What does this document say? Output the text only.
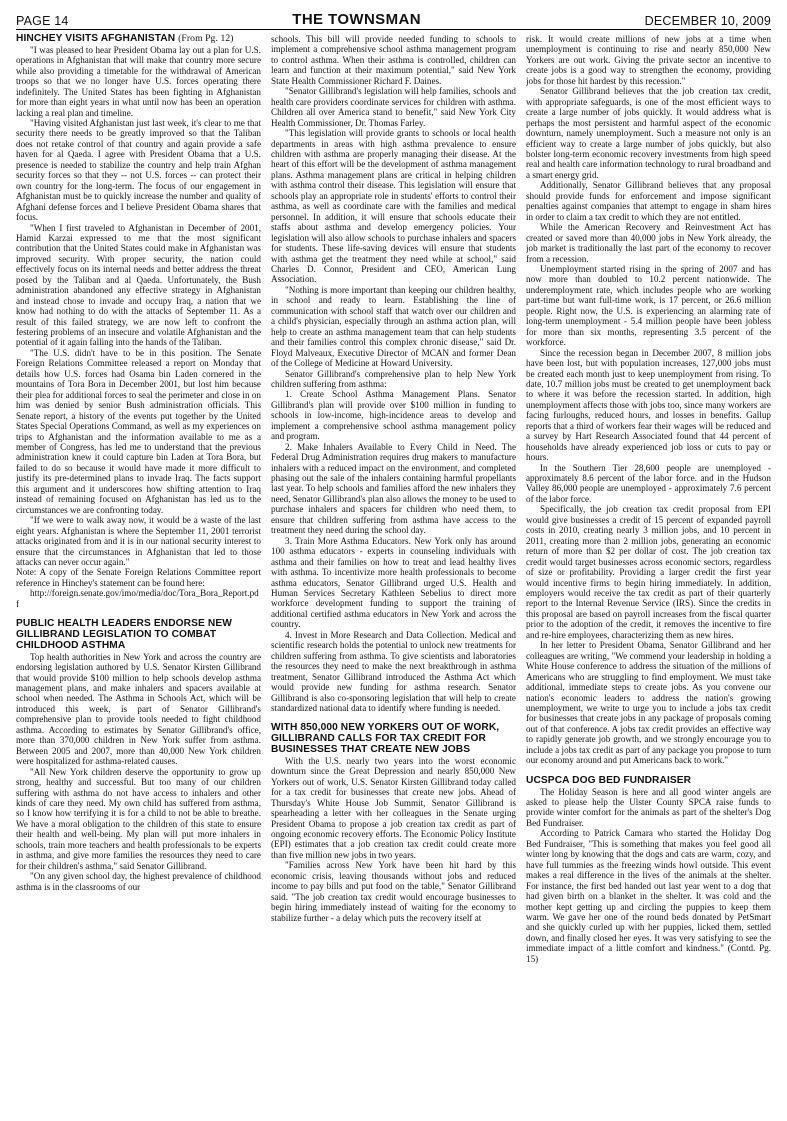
PAGE 14	THE TOWNSMAN	DECEMBER 10, 2009
HINCHEY VISITS AFGHANISTAN (From Pg. 12)

"I was pleased to hear President Obama lay out a plan for U.S. operations in Afghanistan that will make that country more secure while also providing a timetable for the withdrawal of American troops so that we no longer have U.S. forces operating there indefinitely. The United States has been fighting in Afghanistan for more than eight years in what until now has been an operation lacking a real plan and timeline.

"Having visited Afghanistan just last week, it's clear to me that security there needs to be greatly improved so that the Taliban does not retake control of that country and again provide a safe haven for al Qaeda. I agree with President Obama that a U.S. presence is needed to stabilize the country and help train Afghan security forces so that they -- not U.S. forces -- can protect their own country for the long-term. The focus of our engagement in Afghanistan must be to quickly increase the number and quality of Afghani defense forces and I believe President Obama shares that focus.

"When I first traveled to Afghanistan in December of 2001, Hamid Karzai expressed to me that the most significant contribution that the United States could make in Afghanistan was improved security. With proper security, the nation could effectively focus on its internal needs and better address the threat posed by the Taliban and al Qaeda. Unfortunately, the Bush administration abandoned any effective strategy in Afghanistan and instead chose to invade and occupy Iraq, a nation that we know had nothing to do with the attacks of September 11. As a result of this failed strategy, we are now left to confront the festering problems of an insecure and volatile Afghanistan and the potential of it again falling into the hands of the Taliban.

"The U.S. didn't have to be in this position. The Senate Foreign Relations Committee released a report on Monday that details how U.S. forces had Osama bin Laden cornered in the mountains of Tora Bora in December 2001, but lost him because their plea for additional forces to seal the perimeter and close in on him was denied by senior Bush administration officials. This Senate report, a history of the events put together by the United States Special Operations Command, as well as my experiences on trips to Afghanistan and the information available to me as a member of Congress, has led me to understand that the previous administration knew it could capture bin Laden at Tora Bora, but failed to do so because it would have made it more difficult to justify its pre-determined plans to invade Iraq. The facts support this argument and it underscores how shifting attention to Iraq instead of remaining focused on Afghanistan has led us to the circumstances we are confronting today.

"If we were to walk away now, it would be a waste of the last eight years. Afghanistan is where the September 11, 2001 terrorist attacks originated from and it is in our national security interest to ensure that the circumstances in Afghanistan that led to those attacks can never occur again."

Note: A copy of the Senate Foreign Relations Committee report reference in Hinchey's statement can be found here:

http://foreign.senate.gov/imo/media/doc/Tora_Bora_Report.pdf

PUBLIC HEALTH LEADERS ENDORSE NEW GILLIBRAND LEGISLATION TO COMBAT CHILDHOOD ASTHMA

Top health authorities in New York and across the country are endorsing legislation authored by U.S. Senator Kirsten Gillibrand that would provide $100 million to help schools develop asthma management plans, and make inhalers and spacers available at school when needed. The Asthma in Schools Act, which will be introduced this week, is part of Senator Gillibrand's comprehensive plan to provide tools needed to fight childhood asthma. According to estimates by Senator Gillibrand's office, more than 370,000 children in New York suffer from asthma. Between 2005 and 2007, more than 40,000 New York children were hospitalized for asthma-related causes.

"All New York children deserve the opportunity to grow up strong, healthy and successful. But too many of our children suffering with asthma do not have access to inhalers and other kinds of care they need. My own child has suffered from asthma, so I know how terrifying it is for a child to not be able to breathe. We have a moral obligation to the children of this state to ensure their health and well-being. My plan will put more inhalers in schools, train more teachers and health professionals to be experts in asthma, and give more families the resources they need to care for their children's asthma," said Senator Gillibrand.

"On any given school day, the highest prevalence of childhood asthma is in the classrooms of our

schools. This bill will provide needed funding to schools to implement a comprehensive school asthma management program to control asthma. When their asthma is controlled, children can learn and function at their maximum potential," said New York State Health Commissioner Richard F. Daines.

"Senator Gillibrand's legislation will help families, schools and health care providers coordinate services for children with asthma. Children all over America stand to benefit," said New York City Health Commissioner, Dr. Thomas Farley.

"This legislation will provide grants to schools or local health departments in areas with high asthma prevalence to ensure children with asthma are properly managing their disease. At the heart of this effort will be the development of asthma management plans. Asthma management plans are critical in helping children with asthma control their disease. This legislation will ensure that schools play an appropriate role in students' efforts to control their asthma, as well as coordinate care with the families and medical personnel. In addition, it will ensure that schools educate their staffs about asthma and develop emergency policies. Your legislation will also allow schools to purchase inhalers and spacers for students. These life-saving devices will ensure that students with asthma get the treatment they need while at school," said Charles D. Connor, President and CEO, American Lung Association.

"Nothing is more important than keeping our children healthy, in school and ready to learn. Establishing the line of communication with school staff that watch over our children and a child's physician, especially through an asthma action plan, will help to create an asthma management team that can help students and their families control this complex chronic disease," said Dr. Floyd Malveaux, Executive Director of MCAN and former Dean of the College of Medicine at Howard University.

Senator Gillibrand's comprehensive plan to help New York children suffering from asthma:

1. Create School Asthma Management Plans. Senator Gillibrand's plan will provide over $100 million in funding to schools in low-income, high-incidence areas to develop and implement a comprehensive school asthma management policy and program.

2. Make Inhalers Available to Every Child in Need. The Federal Drug Administration requires drug makers to manufacture inhalers with a reduced impact on the environment, and completed phasing out the sale of the inhalers containing harmful propellants last year. To help schools and families afford the new inhalers they need, Senator Gillibrand's plan also allows the money to be used to purchase inhalers and spacers for children who need them, to ensure that children suffering from asthma have access to the treatment they need during the school day.

3. Train More Asthma Educators. New York only has around 100 asthma educators - experts in counseling individuals with asthma and their families on how to treat and lead healthy lives with asthma. To incentivize more health professionals to become asthma educators, Senator Gillibrand urged U.S. Health and Human Services Secretary Kathleen Sebelius to direct more workforce development funding to support the training of additional certified asthma educators in New York and across the country.

4. Invest in More Research and Data Collection. Medical and scientific research holds the potential to unlock new treatments for children suffering from asthma. To give scientists and laboratories the resources they need to make the next breakthrough in asthma treatment, Senator Gillibrand introduced the Asthma Act which would provide new funding for asthma research. Senator Gillibrand is also co-sponsoring legislation that will help to create standardized national data to identify where funding is needed.

WITH 850,000 NEW YORKERS OUT OF WORK, GILLIBRAND CALLS FOR TAX CREDIT FOR BUSINESSES THAT CREATE NEW JOBS

With the U.S. nearly two years into the worst economic downturn since the Great Depression and nearly 850,000 New Yorkers out of work, U.S. Senator Kirsten Gillibrand today called for a tax credit for businesses that create new jobs. Ahead of Thursday's White House Job Summit, Senator Gillibrand is spearheading a letter with her colleagues in the Senate urging President Obama to propose a job creation tax credit as part of ongoing economic recovery efforts. The Economic Policy Institute (EPI) estimates that a job creation tax credit could create more than five million new jobs in two years.

"Families across New York have been hit hard by this economic crisis, leaving thousands without jobs and reduced income to pay bills and put food on the table," Senator Gillibrand said. "The job creation tax credit would encourage businesses to begin hiring immediately instead of waiting for the economy to stabilize further - a delay which puts the recovery itself at

risk. It would create millions of new jobs at a time when unemployment is continuing to rise and nearly 850,000 New Yorkers are out work. Giving the private sector an incentive to create jobs is a good way to strengthen the economy, providing jobs for those hit hardest by this recession."

Senator Gillibrand believes that the job creation tax credit, with appropriate safeguards, is one of the most efficient ways to create a large number of jobs quickly. It would address what is perhaps the most persistent and harmful aspect of the economic downturn, namely unemployment. Such a measure not only is an efficient way to create a large number of jobs quickly, but also bolster long-term economic recovery investments from high speed real and health care information technology to rural broadband and a smart energy grid.

Additionally, Senator Gillibrand believes that any proposal should provide funds for enforcement and impose significant penalties against companies that attempt to engage in sham hires in order to claim a tax credit to which they are not entitled.

While the American Recovery and Reinvestment Act has created or saved more than 40,000 jobs in New York already, the job market is traditionally the last part of the economy to recover from a recession.

Unemployment started rising in the spring of 2007 and has now more than doubled to 10.2 percent nationwide. The underemployment rate, which includes people who are working part-time but want full-time work, is 17 percent, or 26.6 million people. Right now, the U.S. is experiencing an alarming rate of long-term unemployment - 5.4 million people have been jobless for more than six months, representing 3.5 percent of the workforce.

Since the recession began in December 2007, 8 million jobs have been lost, but with population increases, 127,000 jobs must be created each month just to keep unemployment from rising. To date, 10.7 million jobs must be created to get unemployment back to where it was before the recession started. In addition, high unemployment affects those with jobs too, since many workers are facing furloughs, reduced hours, and losses in benefits. Gallup reports that a third of workers fear their wages will be reduced and a survey by Hart Research Associated found that 44 percent of households have already experienced job loss or cuts to pay or hours.

In the Southern Tier 28,600 people are unemployed - approximately 8.6 percent of the labor force. and in the Hudson Valley 86,000 people are unemployed - approximately 7.6 percent of the labor force.

Specifically, the job creation tax credit proposal from EPI would give businesses a credit of 15 percent of expanded payroll costs in 2010, creating nearly 3 million jobs, and 10 percent in 2011, creating more than 2 million jobs, generating an economic return of more than $2 per dollar of cost. The job creation tax credit would target businesses across economic sectors, regardless of size or profitability. Providing a larger credit the first year would incentive firms to begin hiring immediately. In addition, employers would receive the tax credit as part of their quarterly report to the Internal Revenue Service (IRS). Since the credits in this proposal are based on payroll increases from the fiscal quarter prior to the adoption of the credit, it removes the incentive to fire and re-hire employees, characterizing them as new hires.

In her letter to President Obama, Senator Gillibrand and her colleagues are writing, "We commend your leadership in holding a White House conference to address the situation of the millions of Americans who are struggling to find employment. We must take additional, immediate steps to create jobs. As you convene our nation's economic leaders to address the nation's growing unemployment, we write to urge you to include a jobs tax credit for businesses that create jobs in any package of proposals coming out of that conference. A jobs tax credit provides an effective way to rapidly generate job growth, and we strongly encourage you to include a jobs tax credit as part of any package you propose to turn our economy around and put Americans back to work."

UCSPCA DOG BED FUNDRAISER

The Holiday Season is here and all good winter angels are asked to please help the Ulster County SPCA raise funds to provide winter comfort for the animals as part of the shelter's Dog Bed Fundraiser.

According to Patrick Camara who started the Holiday Dog Bed Fundraiser, "This is something that makes you feel good all winter long by knowing that the dogs and cats are warm, cozy, and have full tummies as the freezing winds howl outside. This event makes a real difference in the lives of the animals at the shelter. For instance, the first bed handed out last year went to a dog that had given birth on a blanket in the shelter. It was cold and the mother kept getting up and circling the puppies to keep them warm. We gave her one of the round beds donated by PetSmart and she quickly curled up with her puppies, licked them, settled down, and finally closed her eyes. It was very satisfying to see the immediate impact of a little comfort and kindness." (Contd. Pg. 15)
